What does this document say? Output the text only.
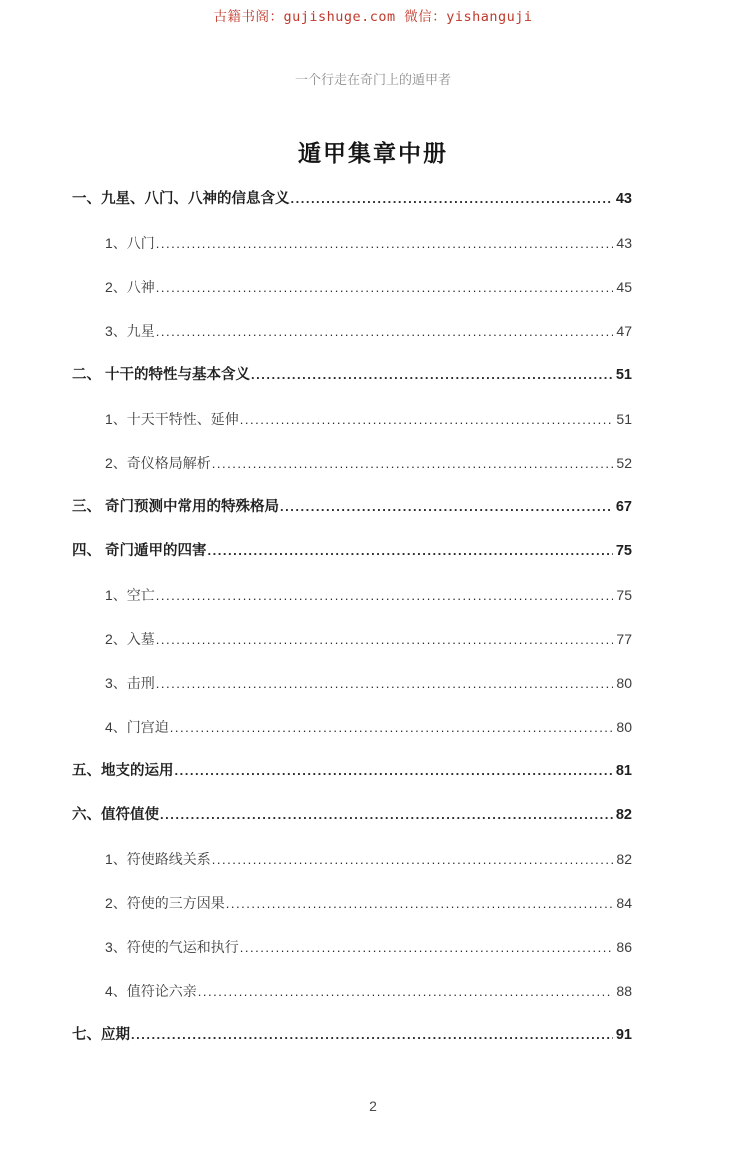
古籍书阁：gujishuge.com 微信：yishanguji
一个行走在奇门上的遁甲者
遁甲集章中册
一、九星、八门、八神的信息含义 .....	43
1、八门 .....	43
2、八神 .....	45
3、九星 .....	47
二、 十干的特性与基本含义 .....	51
1、十天干特性、延伸 .....	51
2、奇仪格局解析 .....	52
三、 奇门预测中常用的特殊格局 .....	67
四、 奇门遁甲的四害 .....	75
1、空亡 .....	75
2、入墓 .....	77
3、击刑 .....	80
4、门宫迫 .....	80
五、地支的运用 .....	81
六、值符值使 .....	82
1、符使路线关系 .....	82
2、符使的三方因果 .....	84
3、符使的气运和执行 .....	86
4、值符论六亲 .....	88
七、应期 .....	91
2
